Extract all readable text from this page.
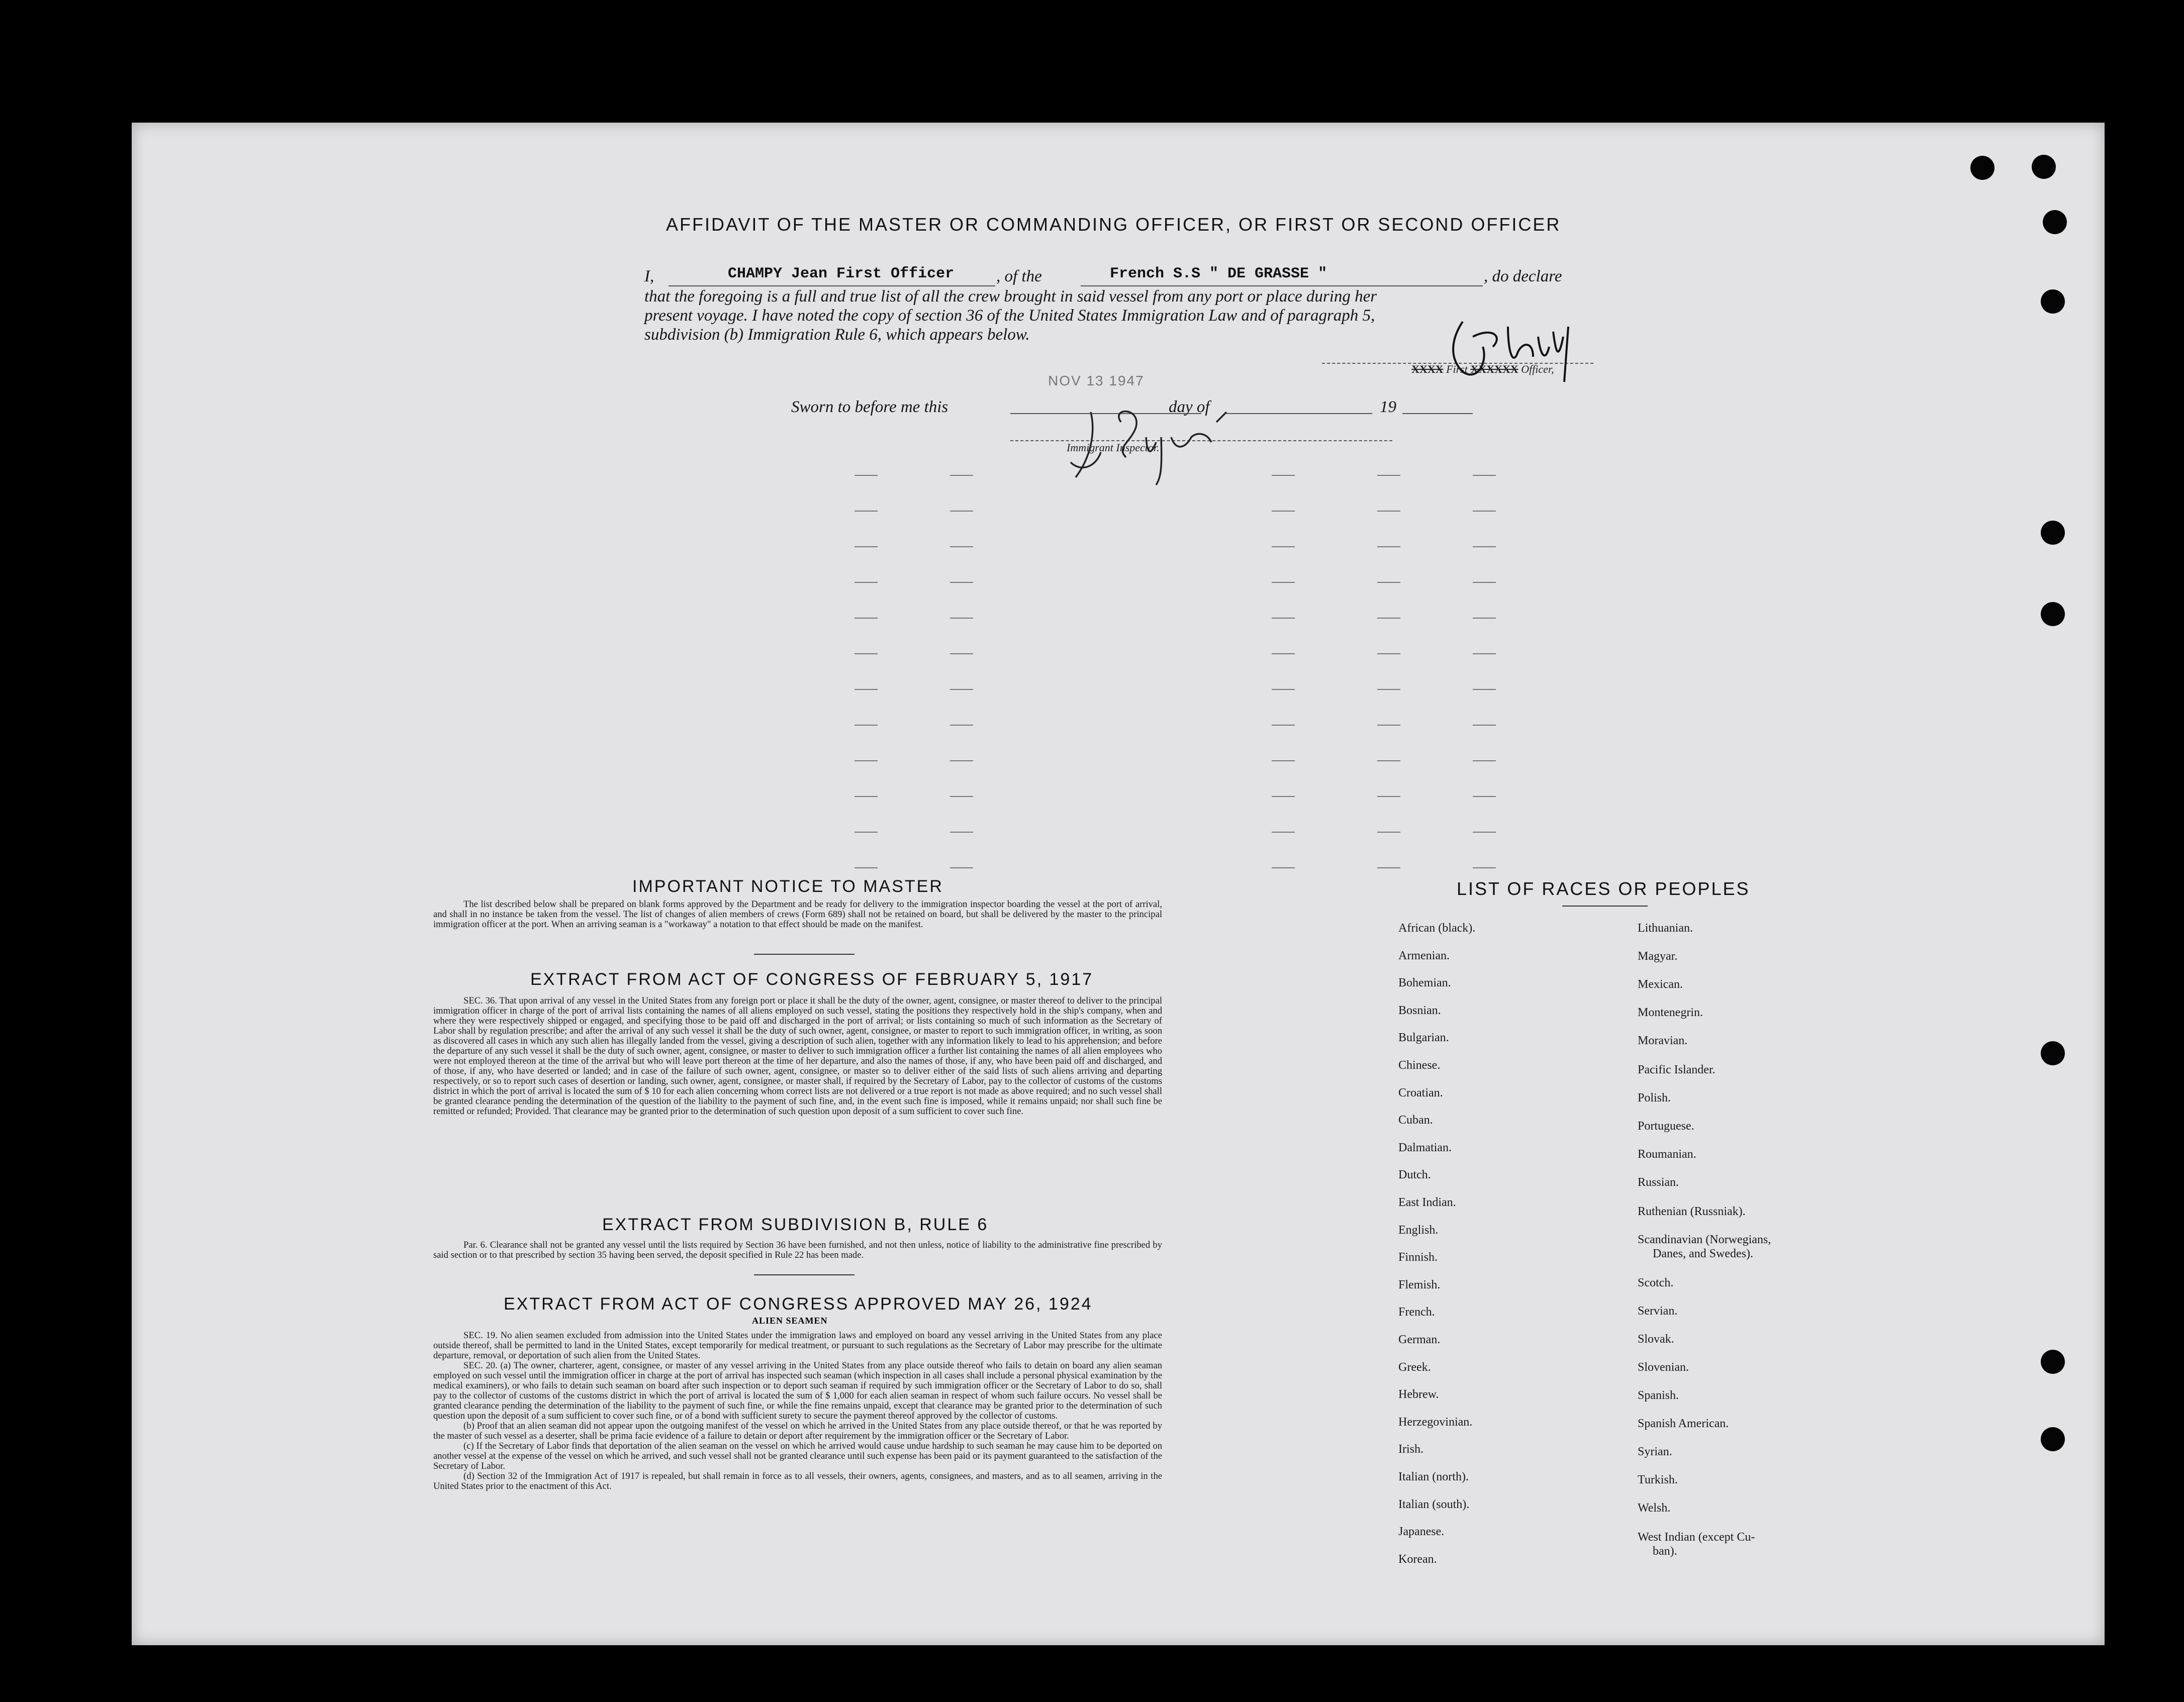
AFFIDAVIT OF THE MASTER OR COMMANDING OFFICER, OR FIRST OR SECOND OFFICER
I,	CHAMPY Jean First Officer	, of the	French S.S " DE GRASSE "	, do declare
that the foregoing is a full and true list of all the crew brought in said vessel from any port or place during her
present voyage. I have noted the copy of section 36 of the United States Immigration Law and of paragraph 5,
subdivision (b) Immigration Rule 6, which appears below.
XXXX First XXXXXX Officer,
Sworn to before me this
NOV 13 1947
day of	19
Immigrant Inspector.
IMPORTANT NOTICE TO MASTER
The list described below shall be prepared on blank forms approved by the Department and be ready for delivery to the immigration inspector boarding the vessel at the port of arrival, and shall in no instance be taken from the vessel. The list of changes of alien members of crews (Form 689) shall not be retained on board, but shall be delivered by the master to the principal immigration officer at the port. When an arriving seaman is a "workaway" a notation to that effect should be made on the manifest.
EXTRACT FROM ACT OF CONGRESS OF FEBRUARY 5, 1917
SEC. 36. That upon arrival of any vessel in the United States from any foreign port or place it shall be the duty of the owner, agent, consignee, or master thereof to deliver to the principal immigration officer in charge of the port of arrival lists containing the names of all aliens employed on such vessel, stating the positions they respectively hold in the ship's company, when and where they were respectively shipped or engaged, and specifying those to be paid off and discharged in the port of arrival; or lists containing so much of such information as the Secretary of Labor shall by regulation prescribe; and after the arrival of any such vessel it shall be the duty of such owner, agent, consignee, or master to report to such immigration officer, in writing, as soon as discovered all cases in which any such alien has illegally landed from the vessel, giving a description of such alien, together with any information likely to lead to his apprehension; and before the departure of any such vessel it shall be the duty of such owner, agent, consignee, or master to deliver to such immigration officer a further list containing the names of all alien employees who were not employed thereon at the time of the arrival but who will leave port thereon at the time of her departure, and also the names of those, if any, who have been paid off and discharged, and of those, if any, who have deserted or landed; and in case of the failure of such owner, agent, consignee, or master so to deliver either of the said lists of such aliens arriving and departing respectively, or so to report such cases of desertion or landing, such owner, agent, consignee, or master shall, if required by the Secretary of Labor, pay to the collector of customs of the customs district in which the port of arrival is located the sum of $ 10 for each alien concerning whom correct lists are not delivered or a true report is not made as above required; and no such vessel shall be granted clearance pending the determination of the question of the liability to the payment of such fine, and, in the event such fine is imposed, while it remains unpaid; nor shall such fine be remitted or refunded; Provided. That clearance may be granted prior to the determination of such question upon deposit of a sum sufficient to cover such fine.
EXTRACT FROM SUBDIVISION B, RULE 6
Par. 6. Clearance shall not be granted any vessel until the lists required by Section 36 have been furnished, and not then unless, notice of liability to the administrative fine prescribed by said section or to that prescribed by section 35 having been served, the deposit specified in Rule 22 has been made.
EXTRACT FROM ACT OF CONGRESS APPROVED MAY 26, 1924
ALIEN SEAMEN
SEC. 19. No alien seamen excluded from admission into the United States under the immigration laws and employed on board any vessel arriving in the United States from any place outside thereof, shall be permitted to land in the United States, except temporarily for medical treatment, or pursuant to such regulations as the Secretary of Labor may prescribe for the ultimate departure, removal, or deportation of such alien from the United States.
SEC. 20. (a) The owner, charterer, agent, consignee, or master of any vessel arriving in the United States from any place outside thereof who fails to detain on board any alien seaman employed on such vessel until the immigration officer in charge at the port of arrival has inspected such seaman (which inspection in all cases shall include a personal physical examination by the medical examiners), or who fails to detain such seaman on board after such inspection or to deport such seaman if required by such immigration officer or the Secretary of Labor to do so, shall pay to the collector of customs of the customs district in which the port of arrival is located the sum of $ 1,000 for each alien seaman in respect of whom such failure occurs. No vessel shall be granted clearance pending the determination of the liability to the payment of such fine, or while the fine remains unpaid, except that clearance may be granted prior to the determination of such question upon the deposit of a sum sufficient to cover such fine, or of a bond with sufficient surety to secure the payment thereof approved by the collector of customs.
(b) Proof that an alien seaman did not appear upon the outgoing manifest of the vessel on which he arrived in the United States from any place outside thereof, or that he was reported by the master of such vessel as a deserter, shall be prima facie evidence of a failure to detain or deport after requirement by the immigration officer or the Secretary of Labor.
(c) If the Secretary of Labor finds that deportation of the alien seaman on the vessel on which he arrived would cause undue hardship to such seaman he may cause him to be deported on another vessel at the expense of the vessel on which he arrived, and such vessel shall not be granted clearance until such expense has been paid or its payment guaranteed to the satisfaction of the Secretary of Labor.
(d) Section 32 of the Immigration Act of 1917 is repealed, but shall remain in force as to all vessels, their owners, agents, consignees, and masters, and as to all seamen, arriving in the United States prior to the enactment of this Act.
LIST OF RACES OR PEOPLES
African (black).
Armenian.
Bohemian.
Bosnian.
Bulgarian.
Chinese.
Croatian.
Cuban.
Dalmatian.
Dutch.
East Indian.
English.
Finnish.
Flemish.
French.
German.
Greek.
Hebrew.
Herzegovinian.
Irish.
Italian (north).
Italian (south).
Japanese.
Korean.
Lithuanian.
Magyar.
Mexican.
Montenegrin.
Moravian.
Pacific Islander.
Polish.
Portuguese.
Roumanian.
Russian.
Ruthenian (Russniak).
Scandinavian (Norwegians,
Danes, and Swedes).
Scotch.
Servian.
Slovak.
Slovenian.
Spanish.
Spanish American.
Syrian.
Turkish.
Welsh.
West Indian (except Cu-
ban).
